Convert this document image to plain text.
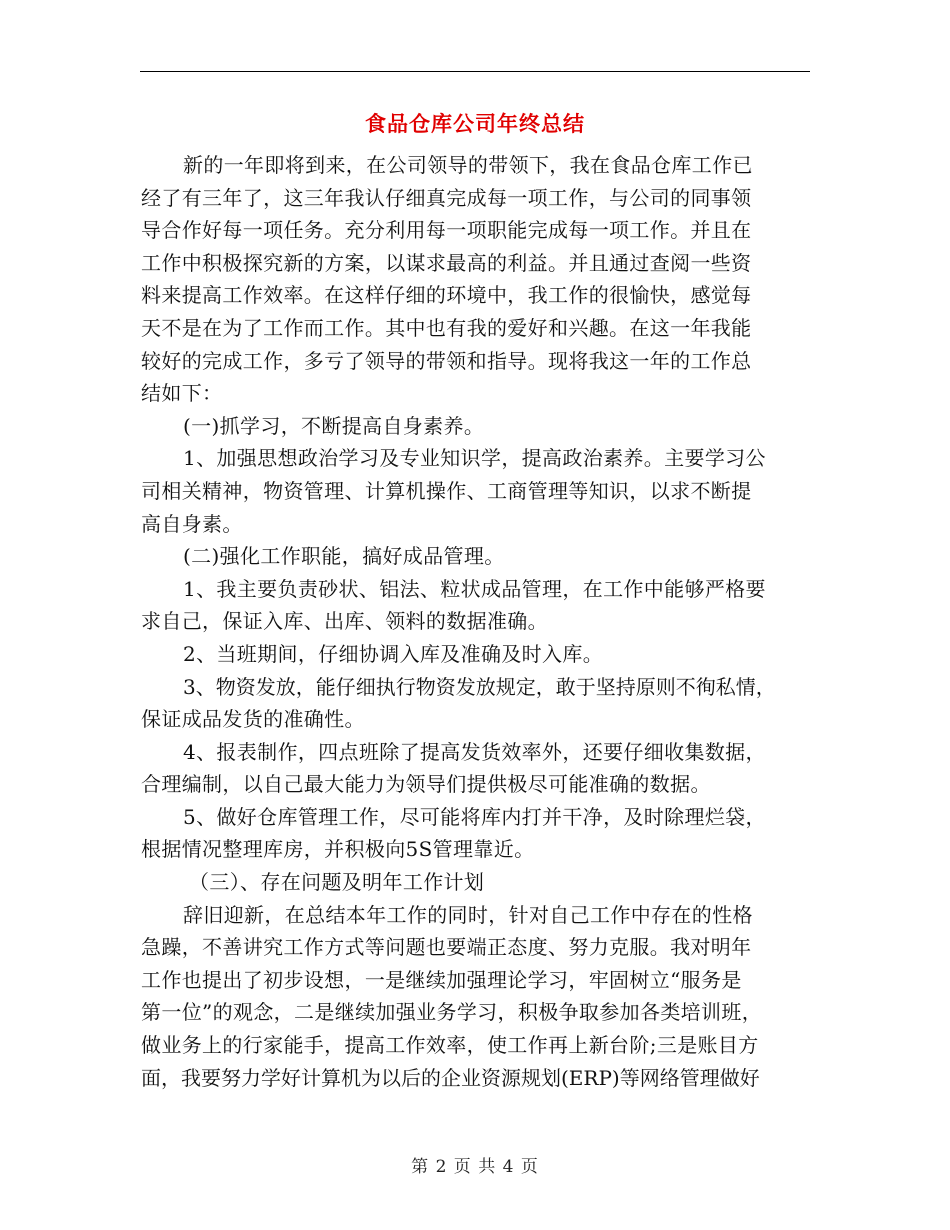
食品仓库公司年终总结
新的一年即将到来，在公司领导的带领下，我在食品仓库工作已
经了有三年了，这三年我认仔细真完成每一项工作，与公司的同事领
导合作好每一项任务。充分利用每一项职能完成每一项工作。并且在
工作中积极探究新的方案，以谋求最高的利益。并且通过查阅一些资
料来提高工作效率。在这样仔细的环境中，我工作的很愉快，感觉每
天不是在为了工作而工作。其中也有我的爱好和兴趣。在这一年我能
较好的完成工作，多亏了领导的带领和指导。现将我这一年的工作总
结如下：
(一)抓学习，不断提高自身素养。
1、加强思想政治学习及专业知识学，提高政治素养。主要学习公
司相关精神，物资管理、计算机操作、工商管理等知识，以求不断提
高自身素。
(二)强化工作职能，搞好成品管理。
1、我主要负责砂状、铝法、粒状成品管理，在工作中能够严格要
求自己，保证入库、出库、领料的数据准确。
2、当班期间，仔细协调入库及准确及时入库。
3、物资发放，能仔细执行物资发放规定，敢于坚持原则不徇私情，
保证成品发货的准确性。
4、报表制作，四点班除了提高发货效率外，还要仔细收集数据，
合理编制，以自己最大能力为领导们提供极尽可能准确的数据。
5、做好仓库管理工作，尽可能将库内打并干净，及时除理烂袋，
根据情况整理库房，并积极向5S管理靠近。
（三）、存在问题及明年工作计划
辞旧迎新，在总结本年工作的同时，针对自己工作中存在的性格
急躁，不善讲究工作方式等问题也要端正态度、努力克服。我对明年
工作也提出了初步设想，一是继续加强理论学习，牢固树立“服务是
第一位”的观念，二是继续加强业务学习，积极争取参加各类培训班，
做业务上的行家能手，提高工作效率，使工作再上新台阶;三是账目方
面，我要努力学好计算机为以后的企业资源规划(ERP)等网络管理做好
第 2 页 共 4 页
